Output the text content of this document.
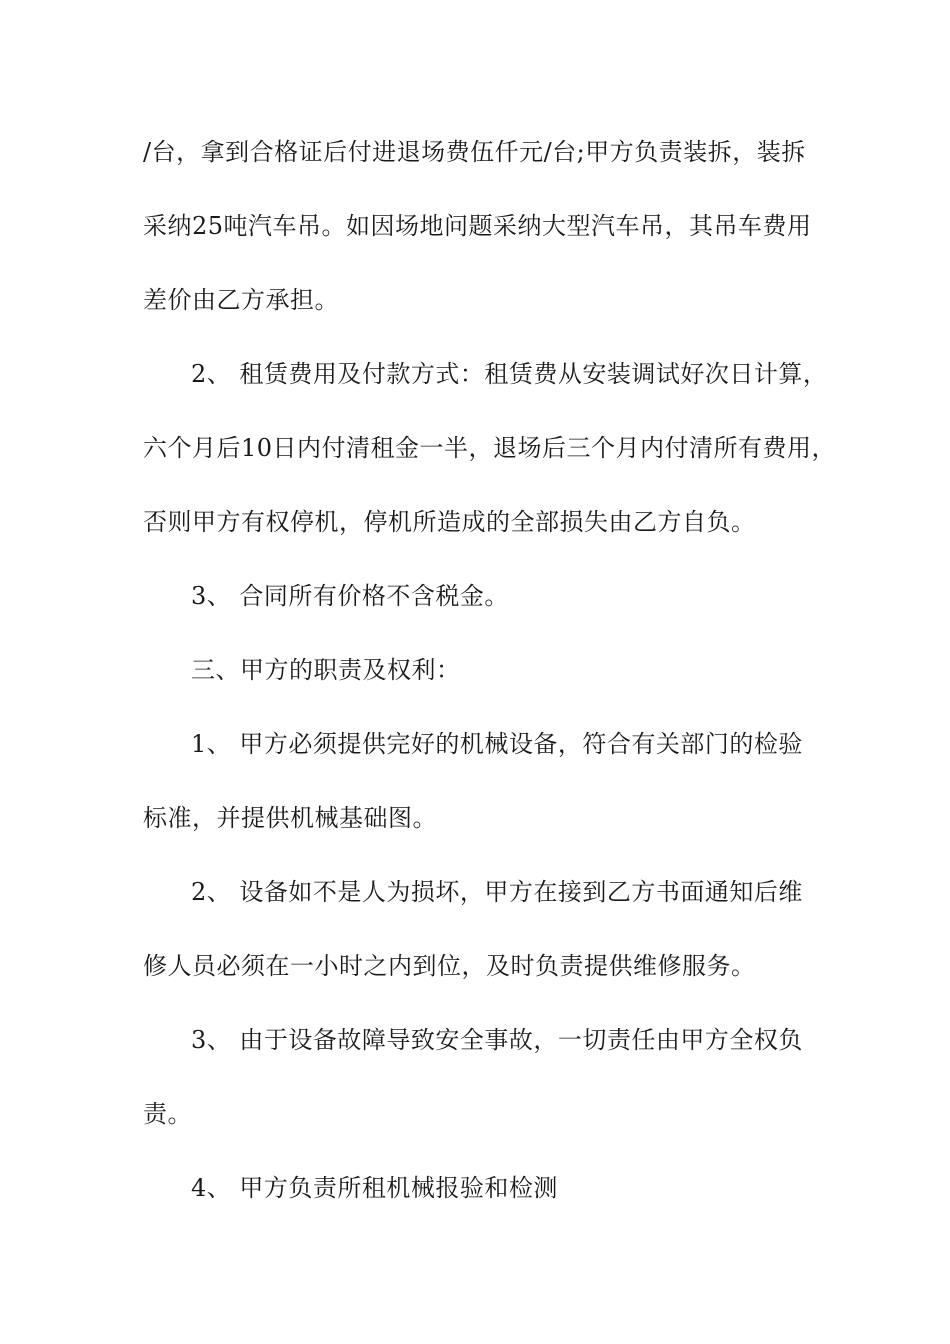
/台，拿到合格证后付进退场费伍仟元/台;甲方负责装拆，装拆
采纳25吨汽车吊。如因场地问题采纳大型汽车吊，其吊车费用
差价由乙方承担。
2、 租赁费用及付款方式：租赁费从安装调试好次日计算，
六个月后10日内付清租金一半，退场后三个月内付清所有费用，
否则甲方有权停机，停机所造成的全部损失由乙方自负。
3、 合同所有价格不含税金。
三、甲方的职责及权利：
1、 甲方必须提供完好的机械设备，符合有关部门的检验
标准，并提供机械基础图。
2、 设备如不是人为损坏，甲方在接到乙方书面通知后维
修人员必须在一小时之内到位，及时负责提供维修服务。
3、 由于设备故障导致安全事故，一切责任由甲方全权负
责。
4、 甲方负责所租机械报验和检测
